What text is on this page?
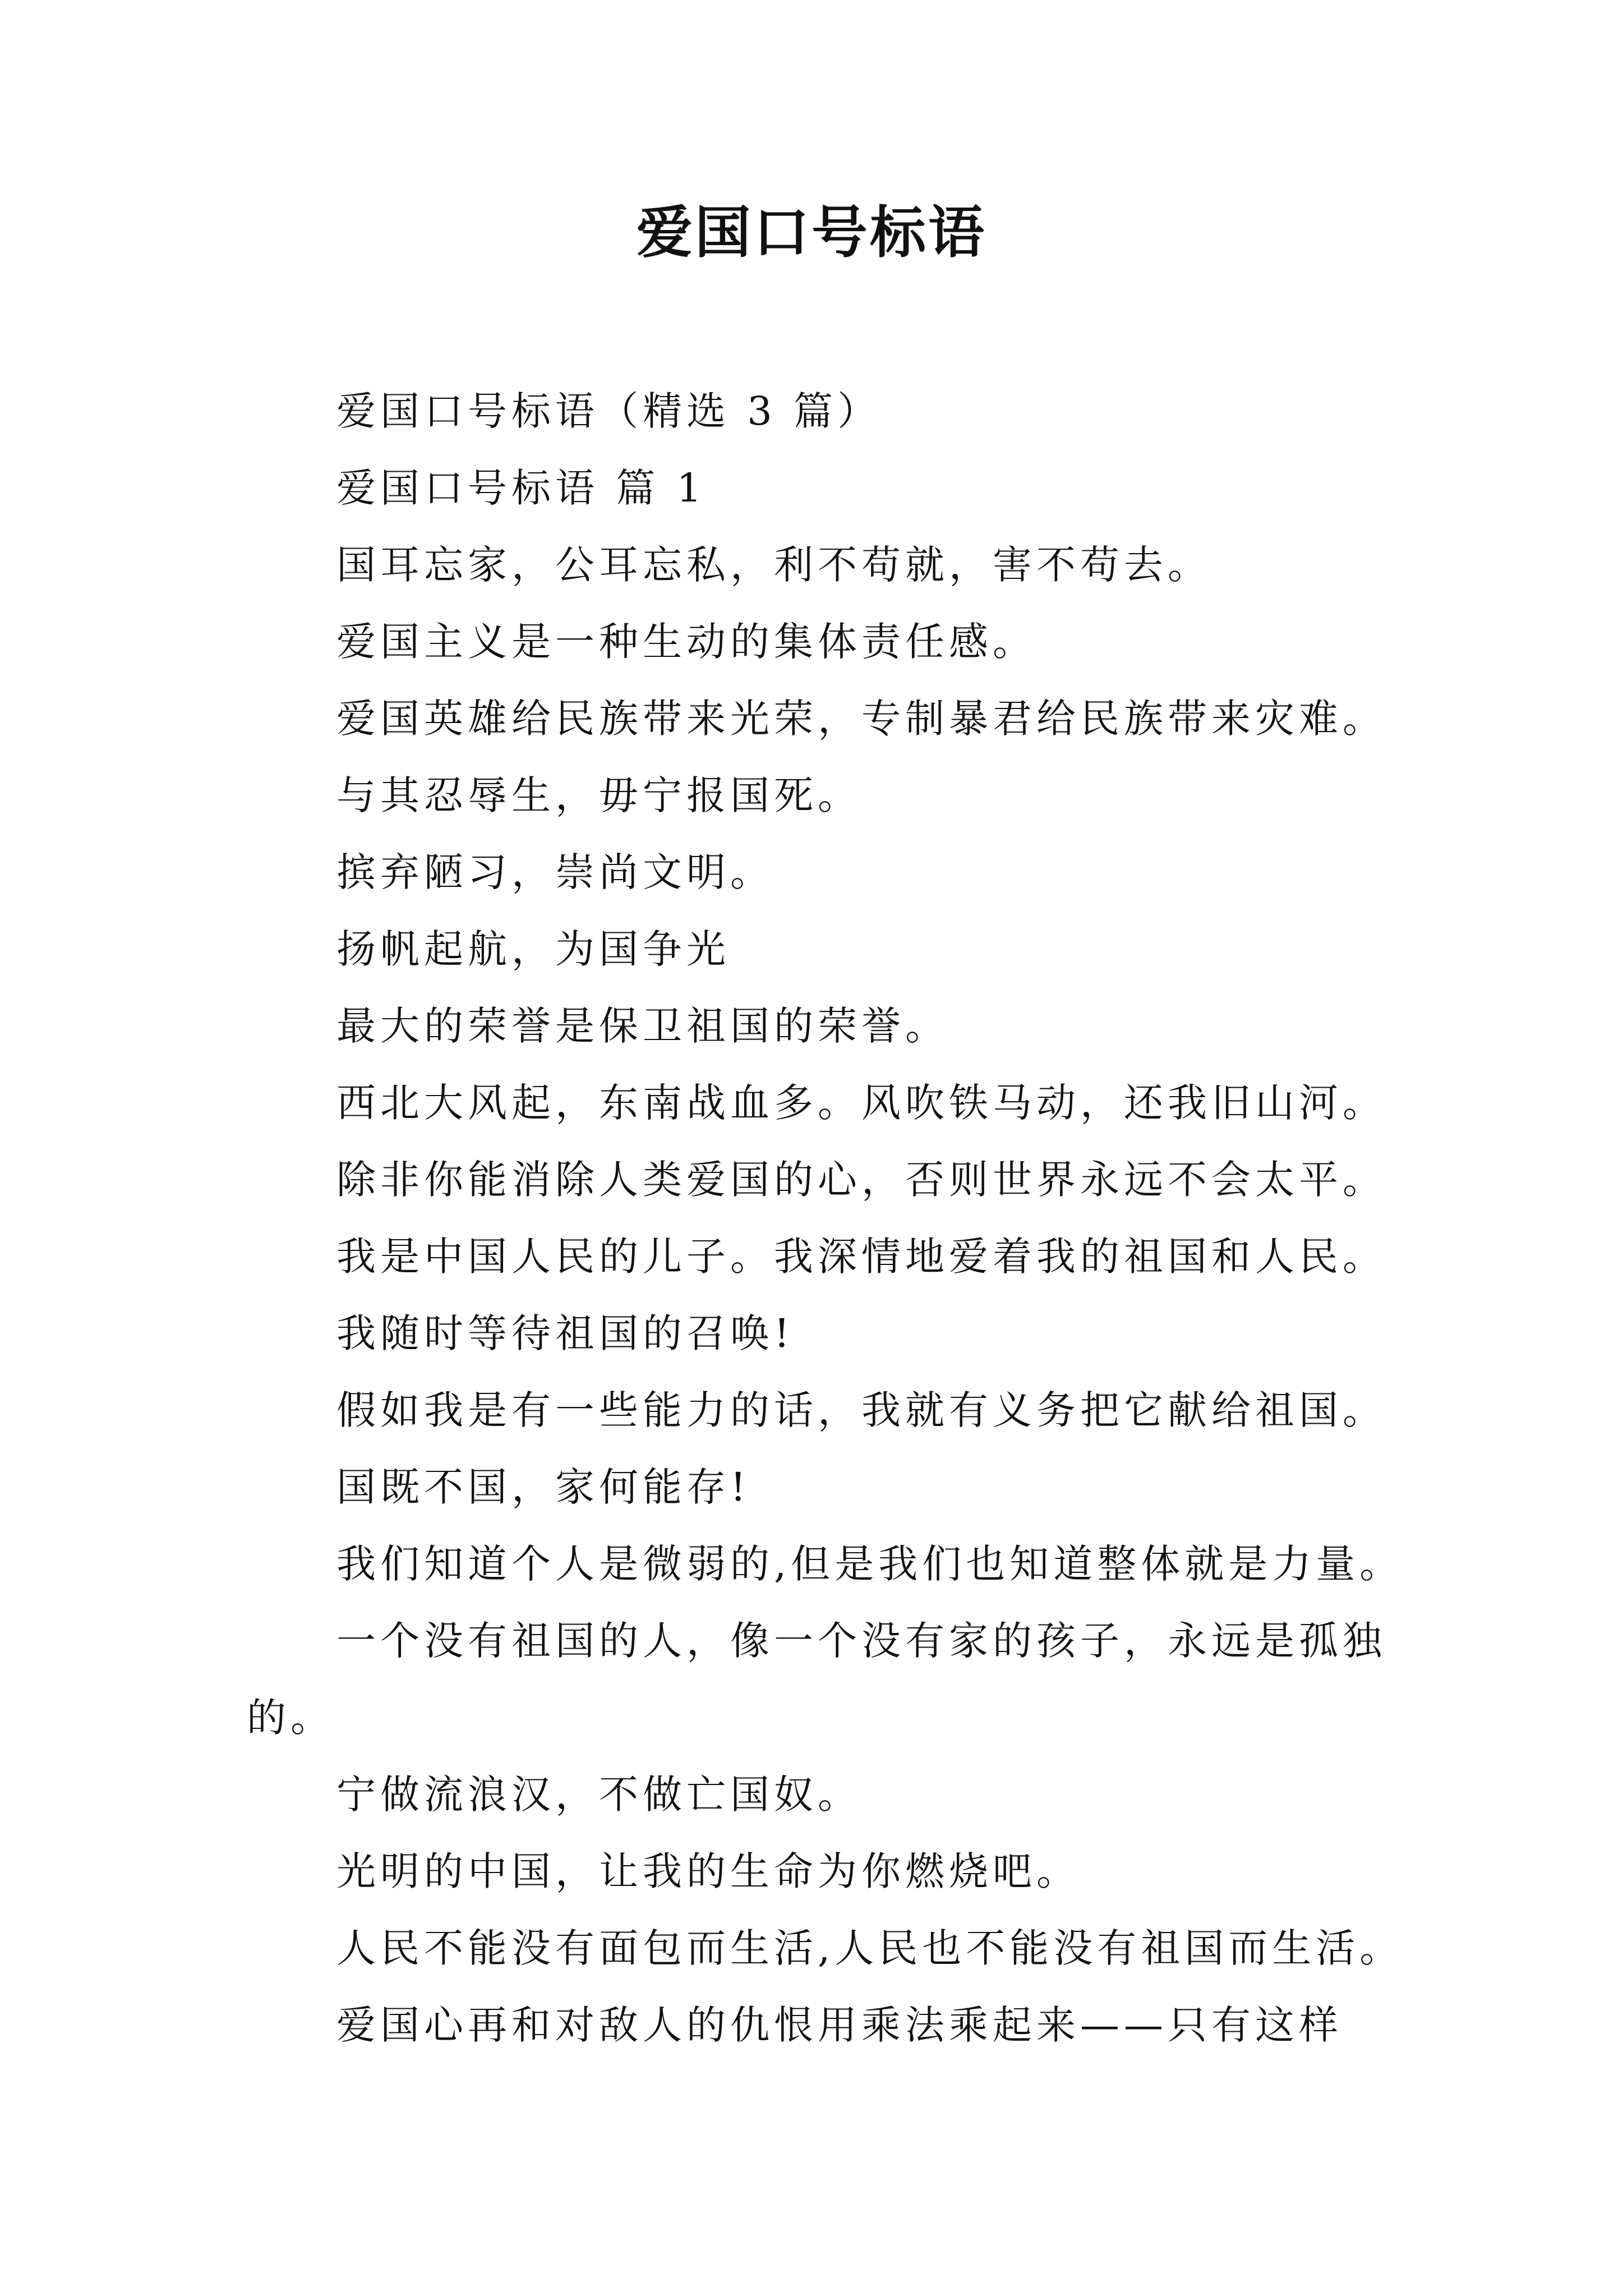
爱国口号标语
爱国口号标语（精选 3 篇）
爱国口号标语 篇 1
国耳忘家，公耳忘私，利不苟就，害不苟去。
爱国主义是一种生动的集体责任感。
爱国英雄给民族带来光荣，专制暴君给民族带来灾难。
与其忍辱生，毋宁报国死。
摈弃陋习，崇尚文明。
扬帆起航，为国争光
最大的荣誉是保卫祖国的荣誉。
西北大风起，东南战血多。风吹铁马动，还我旧山河。
除非你能消除人类爱国的心，否则世界永远不会太平。
我是中国人民的儿子。我深情地爱着我的祖国和人民。
我随时等待祖国的召唤!
假如我是有一些能力的话，我就有义务把它献给祖国。
国既不国，家何能存!
我们知道个人是微弱的,但是我们也知道整体就是力量。
一个没有祖国的人，像一个没有家的孩子，永远是孤独
的。
宁做流浪汉，不做亡国奴。
光明的中国，让我的生命为你燃烧吧。
人民不能没有面包而生活,人民也不能没有祖国而生活。
爱国心再和对敌人的仇恨用乘法乘起来——只有这样
